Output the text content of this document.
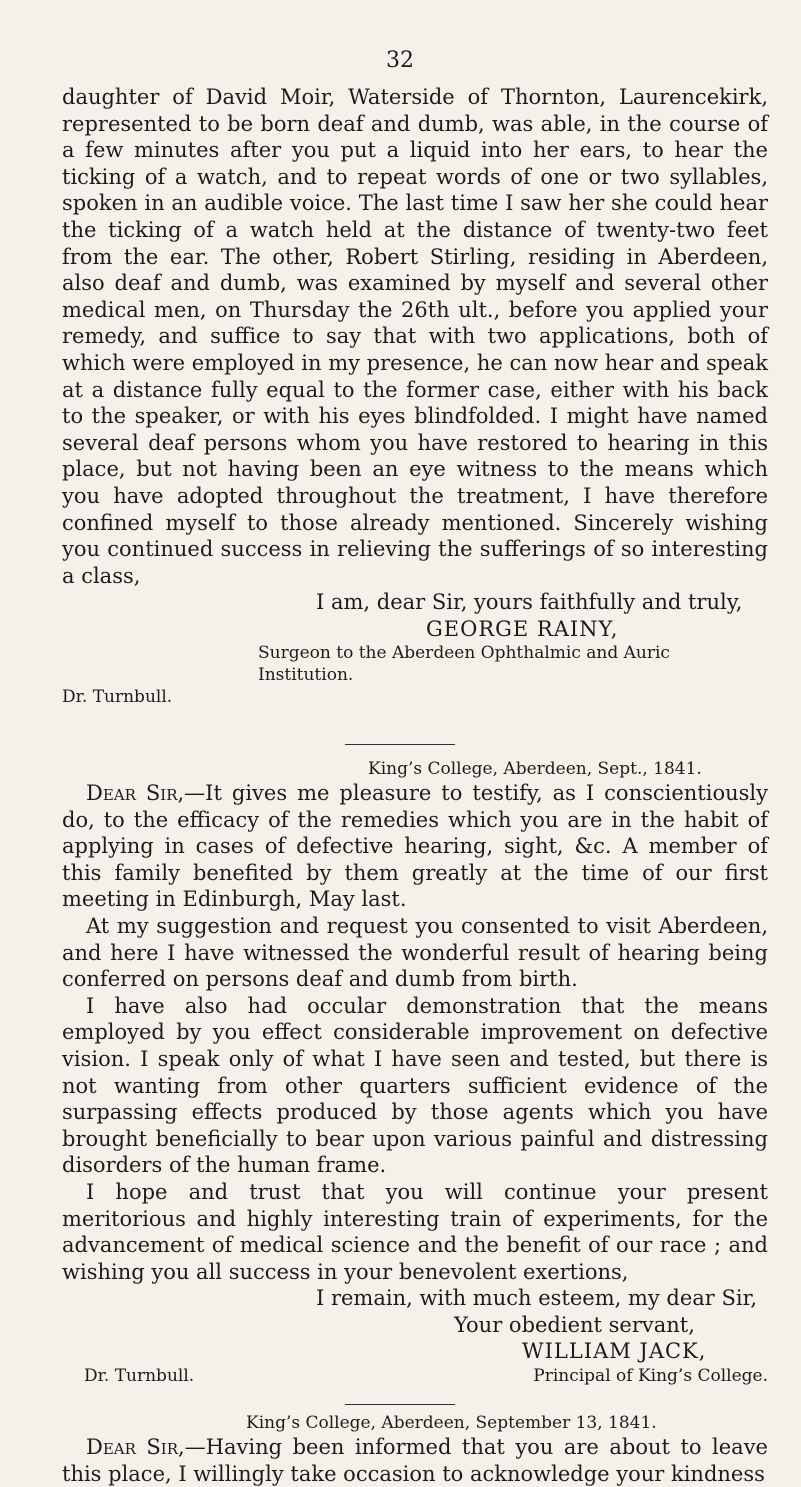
32

daughter of David Moir, Waterside of Thornton, Laurencekirk, represented to be born deaf and dumb, was able, in the course of a few minutes after you put a liquid into her ears, to hear the ticking of a watch, and to repeat words of one or two syllables, spoken in an audible voice. The last time I saw her she could hear the ticking of a watch held at the distance of twenty-two feet from the ear. The other, Robert Stirling, residing in Aberdeen, also deaf and dumb, was examined by myself and several other medical men, on Thursday the 26th ult., before you applied your remedy, and suffice to say that with two applications, both of which were employed in my presence, he can now hear and speak at a distance fully equal to the former case, either with his back to the speaker, or with his eyes blindfolded. I might have named several deaf persons whom you have restored to hearing in this place, but not having been an eye witness to the means which you have adopted throughout the treatment, I have therefore confined myself to those already mentioned. Sincerely wishing you continued success in relieving the sufferings of so interesting a class,

I am, dear Sir, yours faithfully and truly,

GEORGE RAINY,

Surgeon to the Aberdeen Ophthalmic and Auric Institution.

Dr. Turnbull.

King’s College, Aberdeen, Sept., 1841.

Dear Sir,—It gives me pleasure to testify, as I conscientiously do, to the efficacy of the remedies which you are in the habit of applying in cases of defective hearing, sight, &c. A member of this family benefited by them greatly at the time of our first meeting in Edinburgh, May last.

At my suggestion and request you consented to visit Aberdeen, and here I have witnessed the wonderful result of hearing being conferred on persons deaf and dumb from birth.

I have also had occular demonstration that the means employed by you effect considerable improvement on defective vision. I speak only of what I have seen and tested, but there is not wanting from other quarters sufficient evidence of the surpassing effects produced by those agents which you have brought beneficially to bear upon various painful and distressing disorders of the human frame.

I hope and trust that you will continue your present meritorious and highly interesting train of experiments, for the advancement of medical science and the benefit of our race ; and wishing you all success in your benevolent exertions,

I remain, with much esteem, my dear Sir,

Your obedient servant,

WILLIAM JACK,

Dr. Turnbull.	Principal of King’s College.

King’s College, Aberdeen, September 13, 1841.

Dear Sir,—Having been informed that you are about to leave this place, I willingly take occasion to acknowledge your kindness
